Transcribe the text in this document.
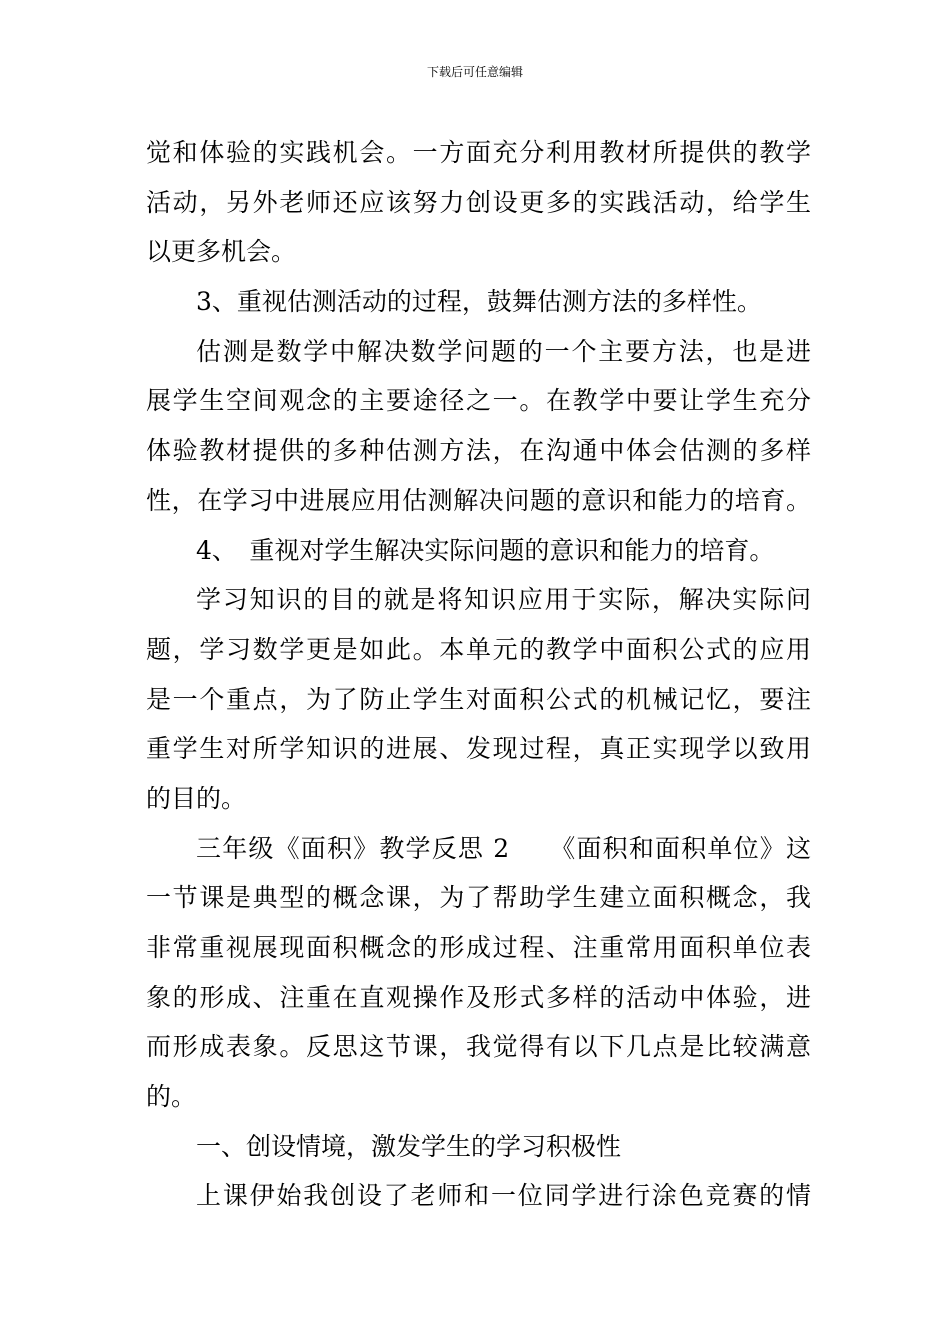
下载后可任意编辑
觉和体验的实践机会。一方面充分利用教材所提供的教学
活动，另外老师还应该努力创设更多的实践活动，给学生
以更多机会。
3、重视估测活动的过程，鼓舞估测方法的多样性。
估测是数学中解决数学问题的一个主要方法，也是进
展学生空间观念的主要途径之一。在教学中要让学生充分
体验教材提供的多种估测方法，在沟通中体会估测的多样
性，在学习中进展应用估测解决问题的意识和能力的培育。
4、　重视对学生解决实际问题的意识和能力的培育。
学习知识的目的就是将知识应用于实际，解决实际问
题，学习数学更是如此。本单元的教学中面积公式的应用
是一个重点，为了防止学生对面积公式的机械记忆，要注
重学生对所学知识的进展、发现过程，真正实现学以致用
的目的。
三年级《面积》教学反思 2　　《面积和面积单位》这
一节课是典型的概念课，为了帮助学生建立面积概念，我
非常重视展现面积概念的形成过程、注重常用面积单位表
象的形成、注重在直观操作及形式多样的活动中体验，进
而形成表象。反思这节课，我觉得有以下几点是比较满意
的。
一、创设情境，激发学生的学习积极性
上课伊始我创设了老师和一位同学进行涂色竞赛的情
